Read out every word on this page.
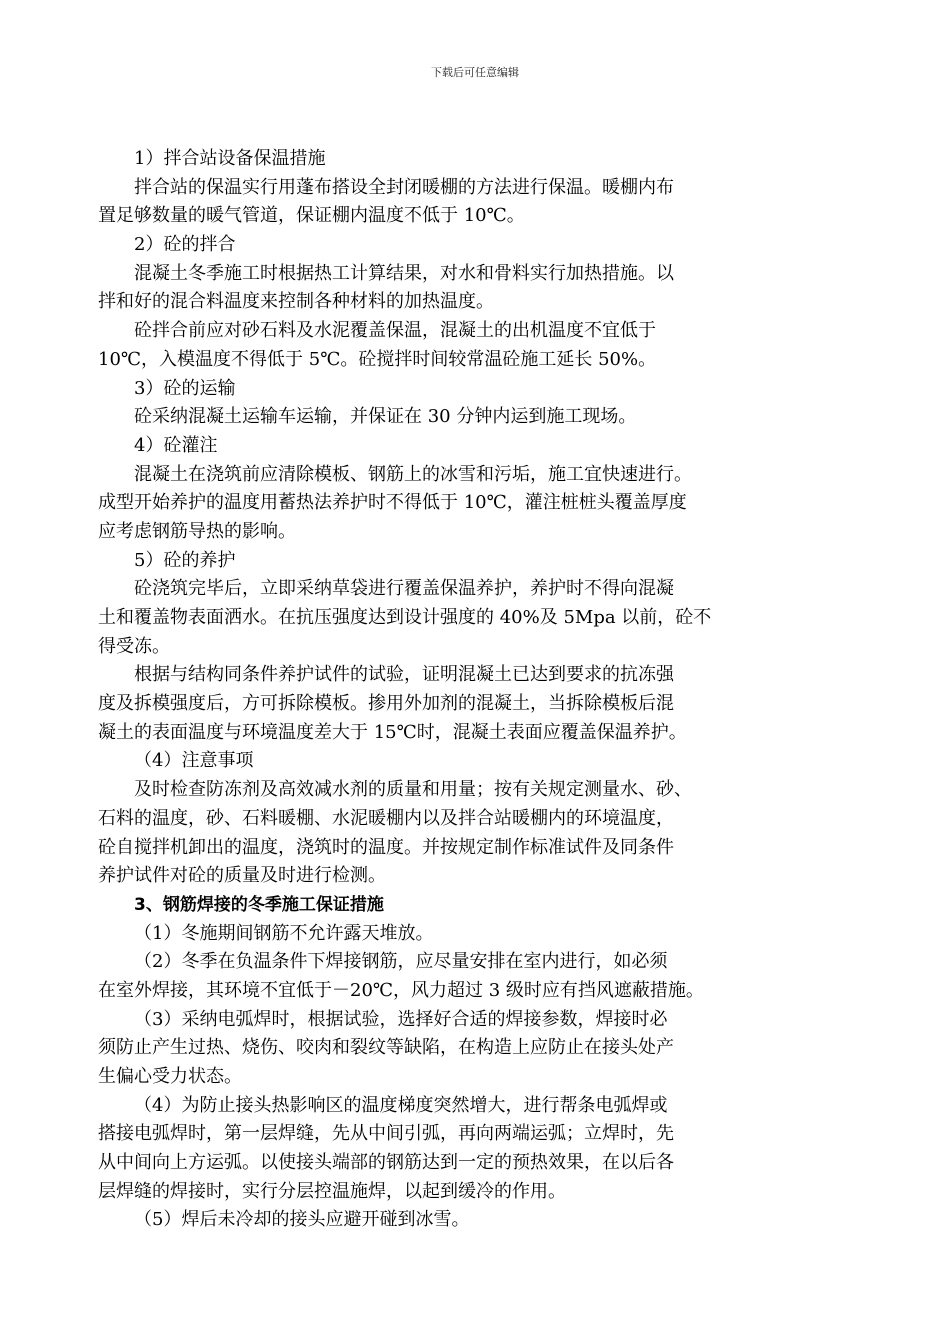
下载后可任意编辑
1）拌合站设备保温措施
拌合站的保温实行用蓬布搭设全封闭暖棚的方法进行保温。暖棚内布
置足够数量的暖气管道，保证棚内温度不低于 10℃。
2）砼的拌合
混凝土冬季施工时根据热工计算结果，对水和骨料实行加热措施。以
拌和好的混合料温度来控制各种材料的加热温度。
砼拌合前应对砂石料及水泥覆盖保温，混凝土的出机温度不宜低于
10℃，入模温度不得低于 5℃。砼搅拌时间较常温砼施工延长 50%。
3）砼的运输
砼采纳混凝土运输车运输，并保证在 30 分钟内运到施工现场。
4）砼灌注
混凝土在浇筑前应清除模板、钢筋上的冰雪和污垢，施工宜快速进行。
成型开始养护的温度用蓄热法养护时不得低于 10℃，灌注桩桩头覆盖厚度
应考虑钢筋导热的影响。
5）砼的养护
砼浇筑完毕后，立即采纳草袋进行覆盖保温养护，养护时不得向混凝
土和覆盖物表面洒水。在抗压强度达到设计强度的 40%及 5Mpa 以前，砼不
得受冻。
根据与结构同条件养护试件的试验，证明混凝土已达到要求的抗冻强
度及拆模强度后，方可拆除模板。掺用外加剂的混凝土，当拆除模板后混
凝土的表面温度与环境温度差大于 15℃时，混凝土表面应覆盖保温养护。
（4）注意事项
及时检查防冻剂及高效减水剂的质量和用量；按有关规定测量水、砂、
石料的温度，砂、石料暖棚、水泥暖棚内以及拌合站暖棚内的环境温度，
砼自搅拌机卸出的温度，浇筑时的温度。并按规定制作标准试件及同条件
养护试件对砼的质量及时进行检测。
3、钢筋焊接的冬季施工保证措施
（1）冬施期间钢筋不允许露天堆放。
（2）冬季在负温条件下焊接钢筋，应尽量安排在室内进行，如必须
在室外焊接，其环境不宜低于－20℃，风力超过 3 级时应有挡风遮蔽措施。
（3）采纳电弧焊时，根据试验，选择好合适的焊接参数，焊接时必
须防止产生过热、烧伤、咬肉和裂纹等缺陷，在构造上应防止在接头处产
生偏心受力状态。
（4）为防止接头热影响区的温度梯度突然增大，进行帮条电弧焊或
搭接电弧焊时，第一层焊缝，先从中间引弧，再向两端运弧；立焊时，先
从中间向上方运弧。以使接头端部的钢筋达到一定的预热效果，在以后各
层焊缝的焊接时，实行分层控温施焊，以起到缓冷的作用。
（5）焊后未冷却的接头应避开碰到冰雪。
